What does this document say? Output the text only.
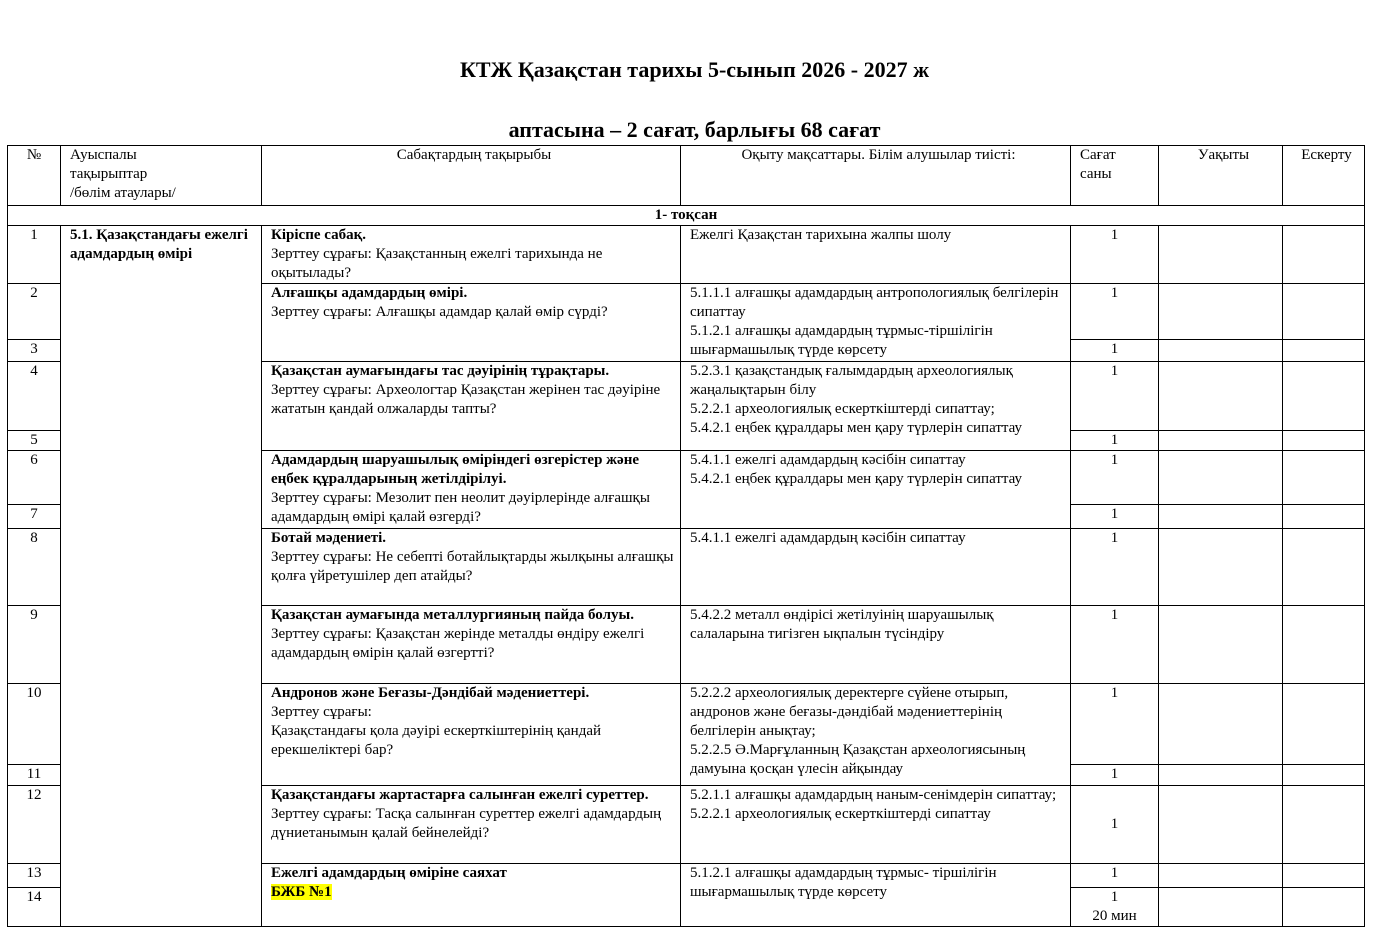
КТЖ Қазақстан тарихы 5-сынып 2026 - 2027 ж
аптасына – 2 сағат, барлығы 68 сағат
№	Ауыспалы
тақырыптар
/бөлім атаулары/	Сабақтардың тақырыбы	Оқыту мақсаттары. Білім алушылар тиісті:	Сағат
саны	Уақыты	Ескерту
1- тоқсан						
1	5.1. Қазақстандағы ежелгі адамдардың өмірі	Кіріспе сабақ.
Зерттеу сұрағы: Қазақстанның ежелгі тарихында не оқытылады?	Ежелгі Қазақстан тарихына жалпы шолу	1		
2		Алғашқы адамдардың өмірі.
Зерттеу сұрағы: Алғашқы адамдар қалай өмір сүрді?	5.1.1.1 алғашқы адамдардың антропологиялық белгілерін сипаттау
5.1.2.1 алғашқы адамдардың тұрмыс-тіршілігін шығармашылық түрде көрсету	1		
3				1		
4		Қазақстан аумағындағы тас дәуірінің тұрақтары.
Зерттеу сұрағы: Археологтар Қазақстан жерінен тас дәуіріне жататын қандай олжаларды тапты?	5.2.3.1 қазақстандық ғалымдардың археологиялық жаңалықтарын білу
5.2.2.1 археологиялық ескерткіштерді сипаттау;
5.4.2.1 еңбек құралдары мен қару түрлерін сипаттау	1		
5				1		
6		Адамдардың шаруашылық өміріндегі өзгерістер және еңбек құралдарының жетілдірілуі.
Зерттеу сұрағы: Мезолит пен неолит дәуірлерінде алғашқы адамдардың өмірі қалай өзгерді?	5.4.1.1 ежелгі адамдардың кәсібін сипаттау
5.4.2.1 еңбек құралдары мен қару түрлерін сипаттау	1		
7				1		
8		Ботай мәдениеті.
Зерттеу сұрағы: Не себепті ботайлықтарды жылқыны алғашқы қолға үйретушілер деп атайды?	5.4.1.1 ежелгі адамдардың кәсібін сипаттау	1		
9		Қазақстан аумағында металлургияның пайда болуы.
Зерттеу сұрағы: Қазақстан жерінде металды өндіру ежелгі адамдардың өмірін қалай өзгертті?	5.4.2.2 металл өндірісі жетілуінің шаруашылық салаларына тигізген ықпалын түсіндіру	1		
10		Андронов және Беғазы-Дәндібай мәдениеттері.
Зерттеу сұрағы:
Қазақстандағы қола дәуірі ескерткіштерінің қандай ерекшеліктері бар?	5.2.2.2 археологиялық деректерге сүйене отырып, андронов және беғазы-дәндібай мәдениеттерінің белгілерін анықтау;
5.2.2.5 Ә.Марғұланның Қазақстан археологиясының дамуына қосқан үлесін айқындау	1		
11				1		
12		Қазақстандағы жартастарға салынған ежелгі суреттер.
Зерттеу сұрағы: Тасқа салынған суреттер ежелгі адамдардың дүниетанымын қалай бейнелейді?	5.2.1.1 алғашқы адамдардың наным-сенімдерін сипаттау;
5.2.2.1 археологиялық ескерткіштерді сипаттау	1		
13		Ежелгі адамдардың өміріне саяхат
БЖБ №1	5.1.2.1 алғашқы адамдардың тұрмыс- тіршілігін шығармашылық түрде көрсету	1		
14				1
20 мин		
